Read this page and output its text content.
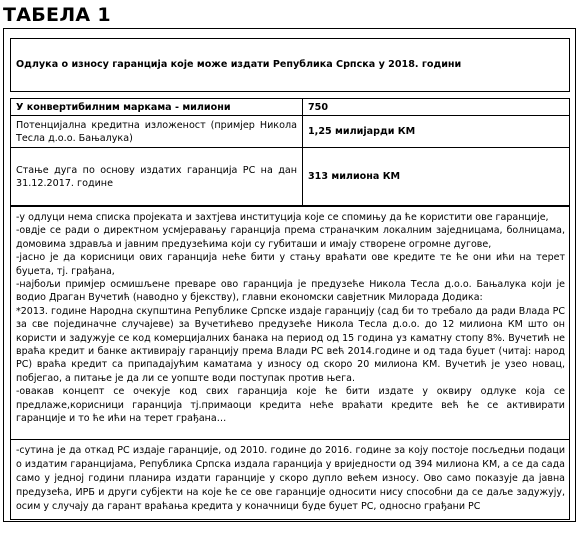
ТАБЕЛА 1
Одлука о износу гаранција које може издати Република Српска у 2018. години
У конвертибилним маркама - милиони	750
Потенцијална кредитна изложеност (примјер Никола Тесла д.о.о. Бањалука)	1,25 милијарди КМ
Стање дуга по основу издатих гаранција РС на дан 31.12.2017. године	313 милиона КМ

-у одлуци нема списка пројеката и захтјева институција које се спомињу да ће користити ове гаранције,

-овдје се ради о директном усмјеравању гаранција према страначким локалним заједницама, болницама, домовима здравља и јавним предузећима који су губиташи и имају створене огромне дугове,

-јасно је да корисници ових гаранција неће бити у стању враћати ове кредите те ће они ићи на терет буџета, тј. грађана,

-најбољи примјер осмишљене преваре ово гаранција је предузеће Никола Тесла д.о.о. Бањалука који је водио Драган Вучетић (наводно у бјекству), главни економски савјетник Милорада Додика:

*2013. године Народна скупштина Републике Српске издаје гаранцију (сад би то требало да ради Влада РС за свe појединачне случајеве) за Вучетићево предузеће Никола Тесла д.о.о. до 12 милиона КМ што он користи и задужује се код комерцијалних банака на период од 15 година уз каматну стопу 8%. Вучетић не враћа кредит и банке активирају гаранцију према Влади РС већ 2014.године и од тада буџет (читај: народ РС) враћа кредит са припадајућим каматама у износу од скоро 20 милиона КМ. Вучетић је узео новац, побјегао, а питање је да ли се уопште води поступак против њега.

-овакав концепт се очекује код свих гаранција које ће бити издате у оквиру одлуке која се предлаже,корисници гаранција тј.примаоци кредита неће враћати кредите већ ће се активирати гаранције и то ће ићи на терет грађана…

-сутина је да откад РС издаје гаранције, од 2010. године до 2016. године за коју постоје посљедњи подаци о издатим гаранцијама, Република Српска издала гаранција у вриједности од 394 милиона КМ, а се да сада само у једној години планира издати гаранције у скоро дупло већем износу. Ово само показује да јавна предузећа, ИРБ и други субјекти на које ће се ове гаранције односити нису способни да се даље задужују, осим у случају да гарант враћања кредита у коначници буде буџет РС, односно грађани РС
